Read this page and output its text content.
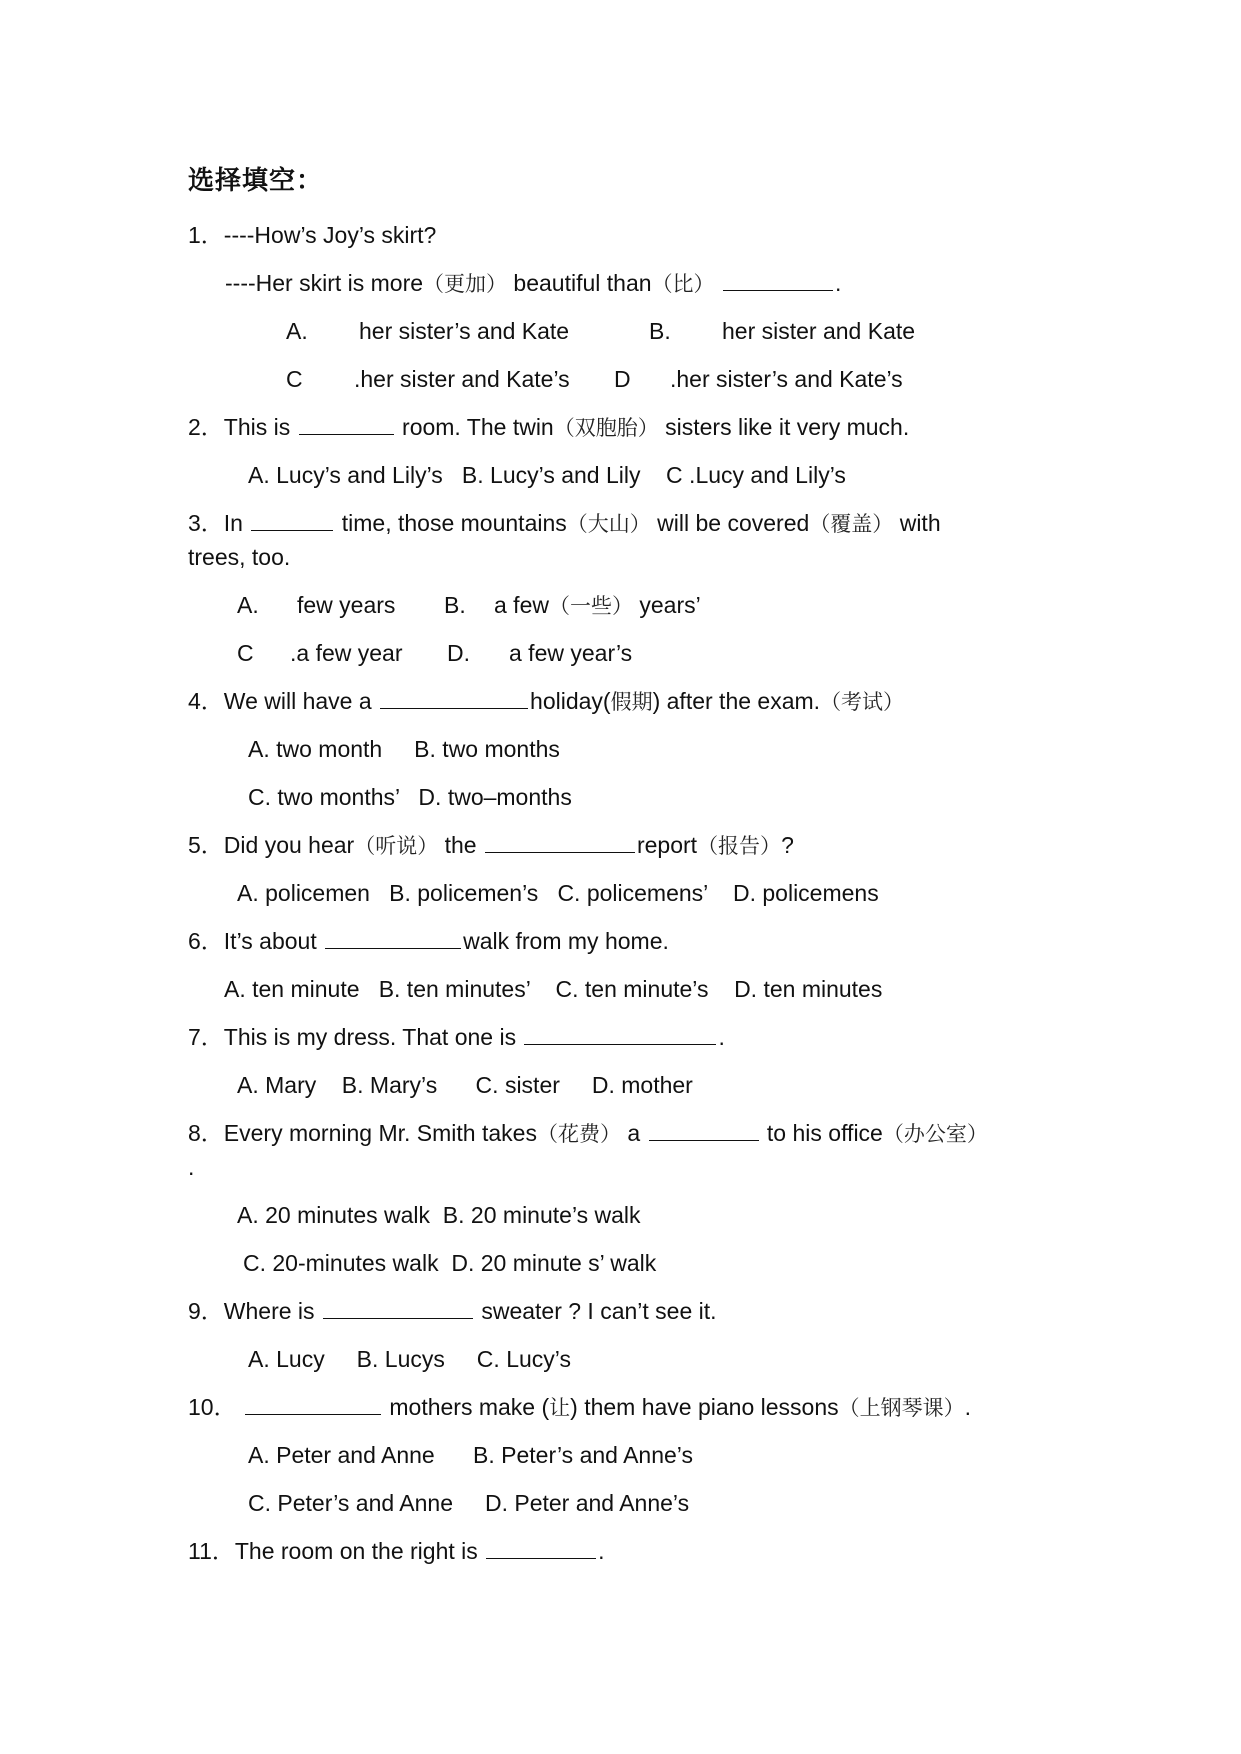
选择填空：
1．----How’s Joy’s skirt?
----Her skirt is more（更加） beautiful than（比）	.
A. her sister’s and Kate	B. her sister and Kate
C .her sister and Kate’s D .her sister’s and Kate’s
2．This is	room. The twin（双胞胎） sisters like it very much.
A. Lucy’s and Lily’s   B. Lucy’s and Lily    C .Lucy and Lily’s
3．In	time, those mountains（大山） will be covered（覆盖） with
trees, too.
A. few years B. a few（一些） years’
C .a few year D. a few year’s
4．We will have a	holiday(假期) after the exam.（考试）
A. two month     B. two months
C. two months’   D. two–months
5．Did you hear（听说） the	report（报告）?
A. policemen   B. policemen’s   C. policemens’    D. policemens
6．It’s about	walk from my home.
A. ten minute   B. ten minutes’    C. ten minute’s    D. ten minutes
7．This is my dress. That one is	.
A. Mary    B. Mary’s      C. sister     D. mother
8．Every morning Mr. Smith takes（花费） a	to his office（办公室）
.
A. 20 minutes walk  B. 20 minute’s walk
C. 20-minutes walk  D. 20 minute s’ walk
9．Where is	sweater ? I can’t see it.
A. Lucy     B. Lucys     C. Lucy’s
10．	mothers make (让) them have piano lessons（上钢琴课）.
A. Peter and Anne      B. Peter’s and Anne’s
C. Peter’s and Anne     D. Peter and Anne’s
11．The room on the right is	.
